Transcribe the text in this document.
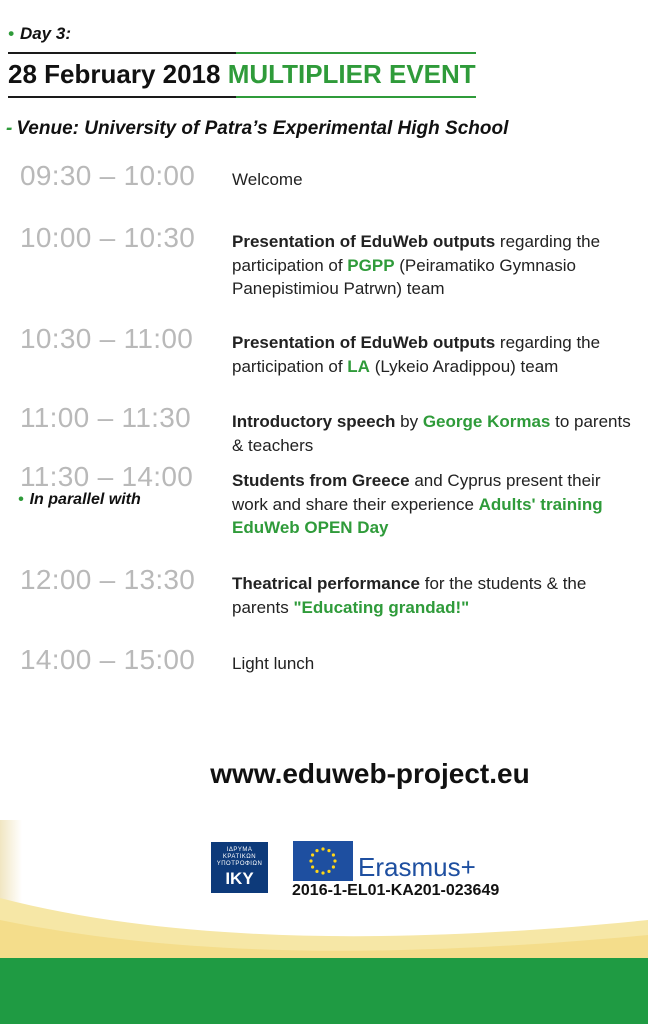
• Day 3:
28 February 2018 MULTIPLIER EVENT
- Venue: University of Patra’s Experimental High School
09:30 – 10:00 Welcome
10:00 – 10:30 Presentation of EduWeb outputs regarding the participation of PGPP (Peiramatiko Gymnasio Panepistimiou Patrwn) team
10:30 – 11:00 Presentation of EduWeb outputs regarding the participation of LA (Lykeio Aradippou) team
11:00 – 11:30 Introductory speech by George Kormas to parents & teachers
11:30 – 14:00 Students from Greece and Cyprus present their work and share their experience Adults' training EduWeb OPEN Day
• In parallel with
12:00 – 13:30 Theatrical performance for the students & the parents "Educating grandad!"
14:00 – 15:00 Light lunch
www.eduweb-project.eu
ΙΔΡΥΜΑ ΚΡΑΤΙΚΩΝ ΥΠΟΤΡΟΦΙΩΝ
IKY	Erasmus+
2016-1-EL01-KA201-023649
